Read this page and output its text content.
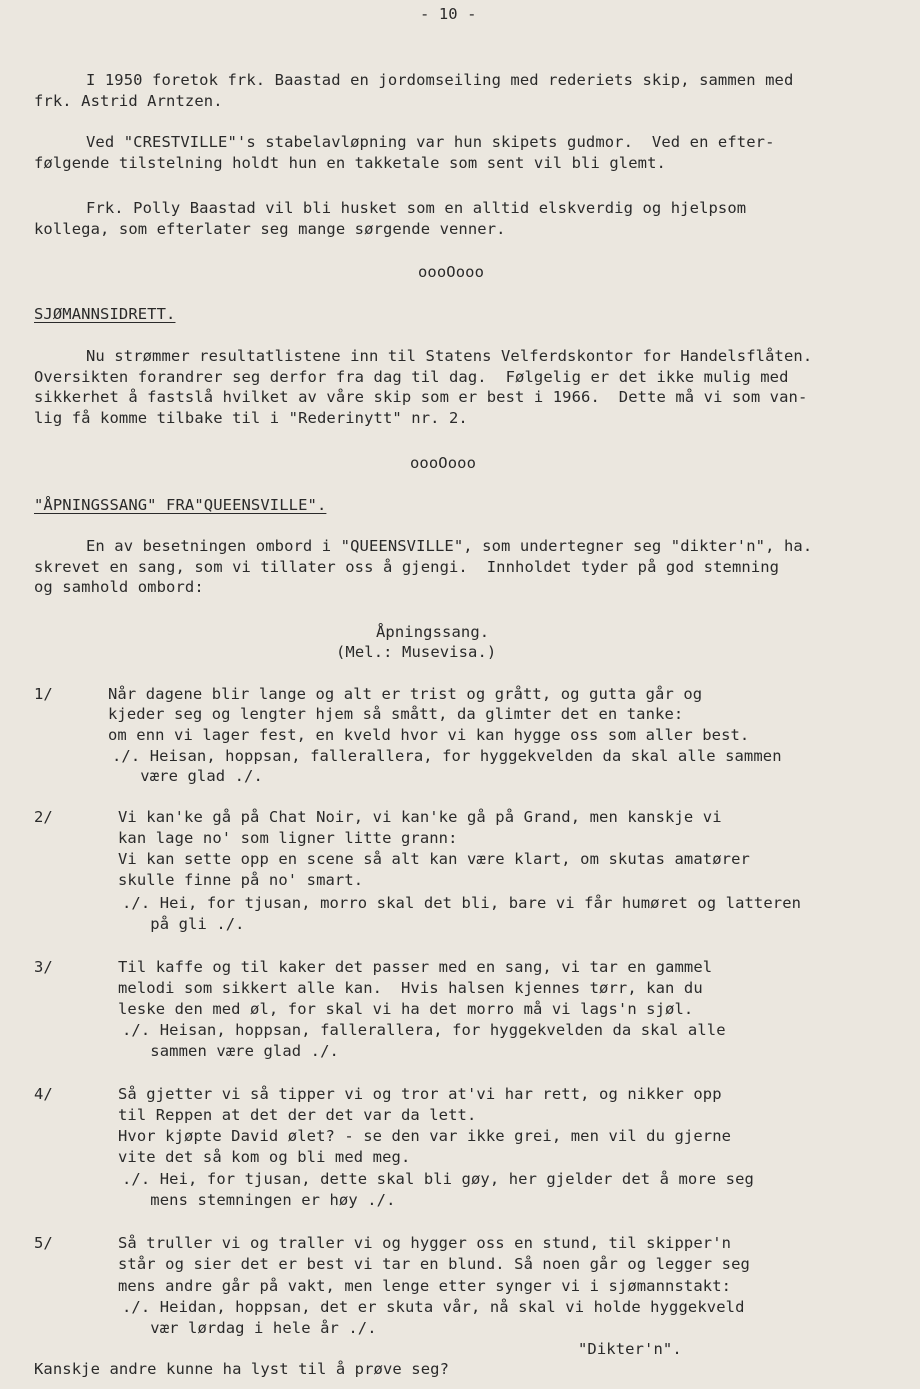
- 10 -
I 1950 foretok frk. Baastad en jordomseiling med rederiets skip, sammen med
frk. Astrid Arntzen.
Ved "CRESTVILLE"'s stabelavløpning var hun skipets gudmor.  Ved en efter-
følgende tilstelning holdt hun en takketale som sent vil bli glemt.
Frk. Polly Baastad vil bli husket som en alltid elskverdig og hjelpsom
kollega, som efterlater seg mange sørgende venner.
oooOooo
SJØMANNSIDRETT.
Nu strømmer resultatlistene inn til Statens Velferdskontor for Handelsflåten.
Oversikten forandrer seg derfor fra dag til dag.  Følgelig er det ikke mulig med
sikkerhet å fastslå hvilket av våre skip som er best i 1966.  Dette må vi som van-
lig få komme tilbake til i "Rederinytt" nr. 2.
oooOooo
"ÅPNINGSSANG" FRA"QUEENSVILLE".
En av besetningen ombord i "QUEENSVILLE", som undertegner seg "dikter'n", ha.
skrevet en sang, som vi tillater oss å gjengi.  Innholdet tyder på god stemning
og samhold ombord:
Åpningssang.
(Mel.: Musevisa.)
1/	Når dagene blir lange og alt er trist og grått, og gutta går og
kjeder seg og lengter hjem så smått, da glimter det en tanke:
om enn vi lager fest, en kveld hvor vi kan hygge oss som aller best.
./. Heisan, hoppsan, fallerallera, for hyggekvelden da skal alle sammen
være glad ./.
2/	Vi kan'ke gå på Chat Noir, vi kan'ke gå på Grand, men kanskje vi
kan lage no' som ligner litte grann:
Vi kan sette opp en scene så alt kan være klart, om skutas amatører
skulle finne på no' smart.
./. Hei, for tjusan, morro skal det bli, bare vi får humøret og latteren
på gli ./.
3/	Til kaffe og til kaker det passer med en sang, vi tar en gammel
melodi som sikkert alle kan.  Hvis halsen kjennes tørr, kan du
leske den med øl, for skal vi ha det morro må vi lags'n sjøl.
./. Heisan, hoppsan, fallerallera, for hyggekvelden da skal alle
sammen være glad ./.
4/	Så gjetter vi så tipper vi og tror at'vi har rett, og nikker opp
til Reppen at det der det var da lett.
Hvor kjøpte David ølet? - se den var ikke grei, men vil du gjerne
vite det så kom og bli med meg.
./. Hei, for tjusan, dette skal bli gøy, her gjelder det å more seg
mens stemningen er høy ./.
5/	Så truller vi og traller vi og hygger oss en stund, til skipper'n
står og sier det er best vi tar en blund. Så noen går og legger seg
mens andre går på vakt, men lenge etter synger vi i sjømannstakt:
./. Heidan, hoppsan, det er skuta vår, nå skal vi holde hyggekveld
vær lørdag i hele år ./.
"Dikter'n".
Kanskje andre kunne ha lyst til å prøve seg?
